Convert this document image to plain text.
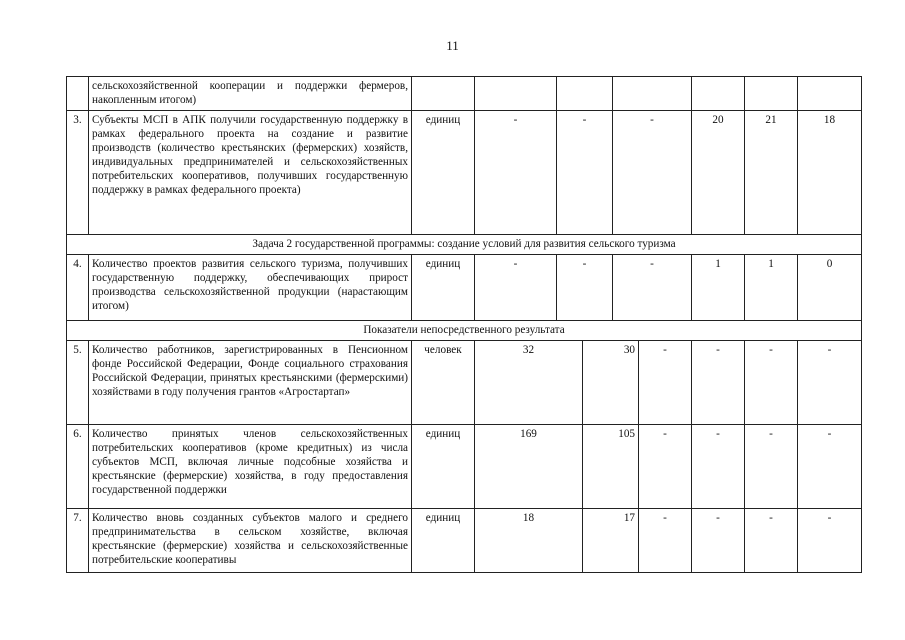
11
	сельскохозяйственной кооперации и поддержки фермеров, накопленным итогом)										
3.	Субъекты МСП в АПК получили государственную поддержку в рамках федерального проекта на создание и развитие производств (количество крестьянских (фермерских) хозяйств, индивидуальных предпринимателей и сельскохозяйственных потребительских кооперативов, получивших государственную поддержку в рамках федерального проекта)	единиц	-	-		-		20	21	18	
Задача 2 государственной программы: создание условий для развития сельского туризма											
4.	Количество проектов развития сельского туризма, получивших государственную поддержку, обеспечивающих прирост производства сельскохозяйственной продукции (нарастающим итогом)	единиц	-	-		-		1	1	0	
Показатели непосредственного результата											
5.	Количество работников, зарегистрированных в Пенсионном фонде Российской Федерации, Фонде социального страхования Российской Федерации, принятых крестьянскими (фермерскими) хозяйствами в году получения грантов «Агростартап»	человек	32		30		-	-	-	-	
6.	Количество принятых членов сельскохозяйственных потребительских кооперативов (кроме кредитных) из числа субъектов МСП, включая личные подсобные хозяйства и крестьянские (фермерские) хозяйства, в году предоставления государственной поддержки	единиц	169		105		-	-	-	-	
7.	Количество вновь созданных субъектов малого и среднего предпринимательства в сельском хозяйстве, включая крестьянские (фермерские) хозяйства и сельскохозяйственные потребительские кооперативы	единиц	18		17		-	-	-	-	
